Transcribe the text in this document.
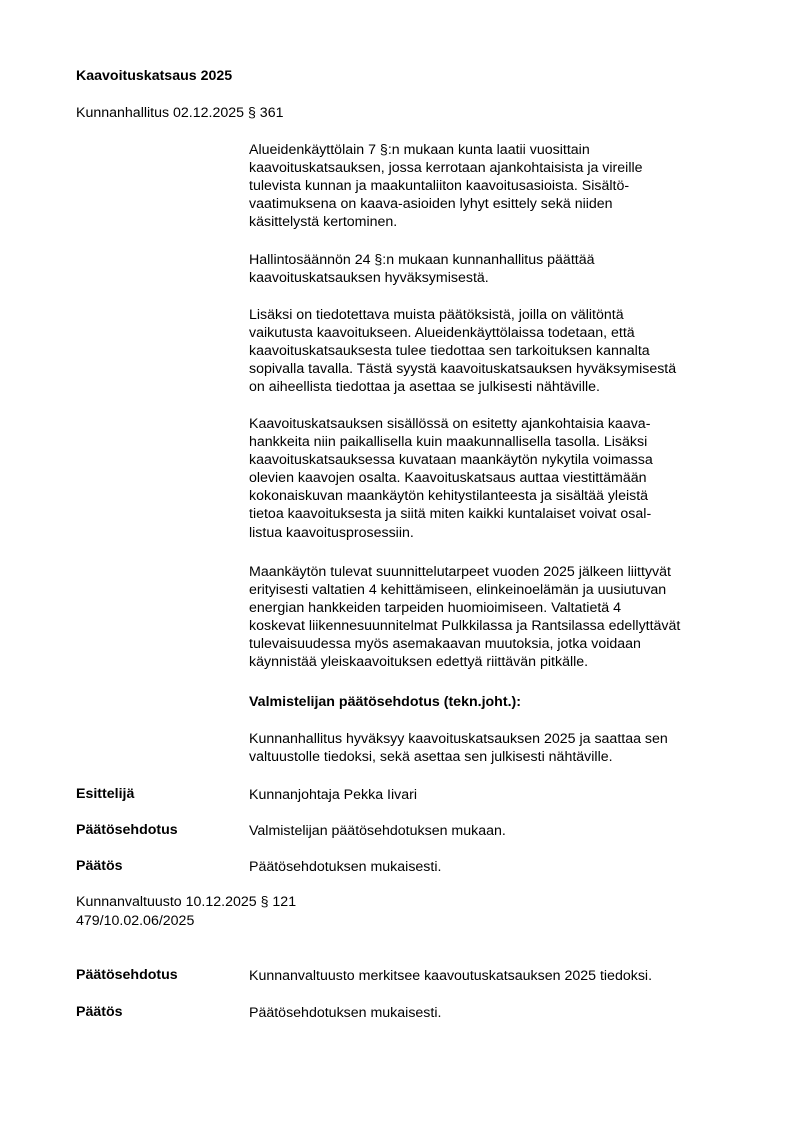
Kaavoituskatsaus 2025
Kunnanhallitus 02.12.2025 § 361

Alueidenkäyttölain 7 §:n mukaan kunta laatii vuosittain
kaavoituskatsauksen, jossa kerrotaan ajankohtaisista ja vireille
tulevista kunnan ja maakuntaliiton kaavoitusasioista. Sisältö-
vaatimuksena on kaava-asioiden lyhyt esittely sekä niiden
käsittelystä kertominen.

Hallintosäännön 24 §:n mukaan kunnanhallitus päättää
kaavoituskatsauksen hyväksymisestä.

Lisäksi on tiedotettava muista päätöksistä, joilla on välitöntä
vaikutusta kaavoitukseen. Alueidenkäyttölaissa todetaan, että
kaavoituskatsauksesta tulee tiedottaa sen tarkoituksen kannalta
sopivalla tavalla. Tästä syystä kaavoituskatsauksen hyväksymisestä
on aiheellista tiedottaa ja asettaa se julkisesti nähtäville.

Kaavoituskatsauksen sisällössä on esitetty ajankohtaisia kaava-
hankkeita niin paikallisella kuin maakunnallisella tasolla. Lisäksi
kaavoituskatsauksessa kuvataan maankäytön nykytila voimassa
olevien kaavojen osalta. Kaavoituskatsaus auttaa viestittämään
kokonaiskuvan maankäytön kehitystilanteesta ja sisältää yleistä
tietoa kaavoituksesta ja siitä miten kaikki kuntalaiset voivat osal-
listua kaavoitusprosessiin.

Maankäytön tulevat suunnittelutarpeet vuoden 2025 jälkeen liittyvät
erityisesti valtatien 4 kehittämiseen, elinkeinoelämän ja uusiutuvan
energian hankkeiden tarpeiden huomioimiseen. Valtatietä 4
koskevat liikennesuunnitelmat Pulkkilassa ja Rantsilassa edellyttävät
tulevaisuudessa myös asemakaavan muutoksia, jotka voidaan
käynnistää yleiskaavoituksen edettyä riittävän pitkälle.

Valmistelijan päätösehdotus (tekn.joht.):

Kunnanhallitus hyväksyy kaavoituskatsauksen 2025 ja saattaa sen
valtuustolle tiedoksi, sekä asettaa sen julkisesti nähtäville.

Esittelijä	Kunnanjohtaja Pekka Iivari
Päätösehdotus	Valmistelijan päätösehdotuksen mukaan.
Päätös	Päätösehdotuksen mukaisesti.
Kunnanvaltuusto 10.12.2025 § 121
479/10.02.06/2025
Päätösehdotus	Kunnanvaltuusto merkitsee kaavoutuskatsauksen 2025 tiedoksi.
Päätös	Päätösehdotuksen mukaisesti.
